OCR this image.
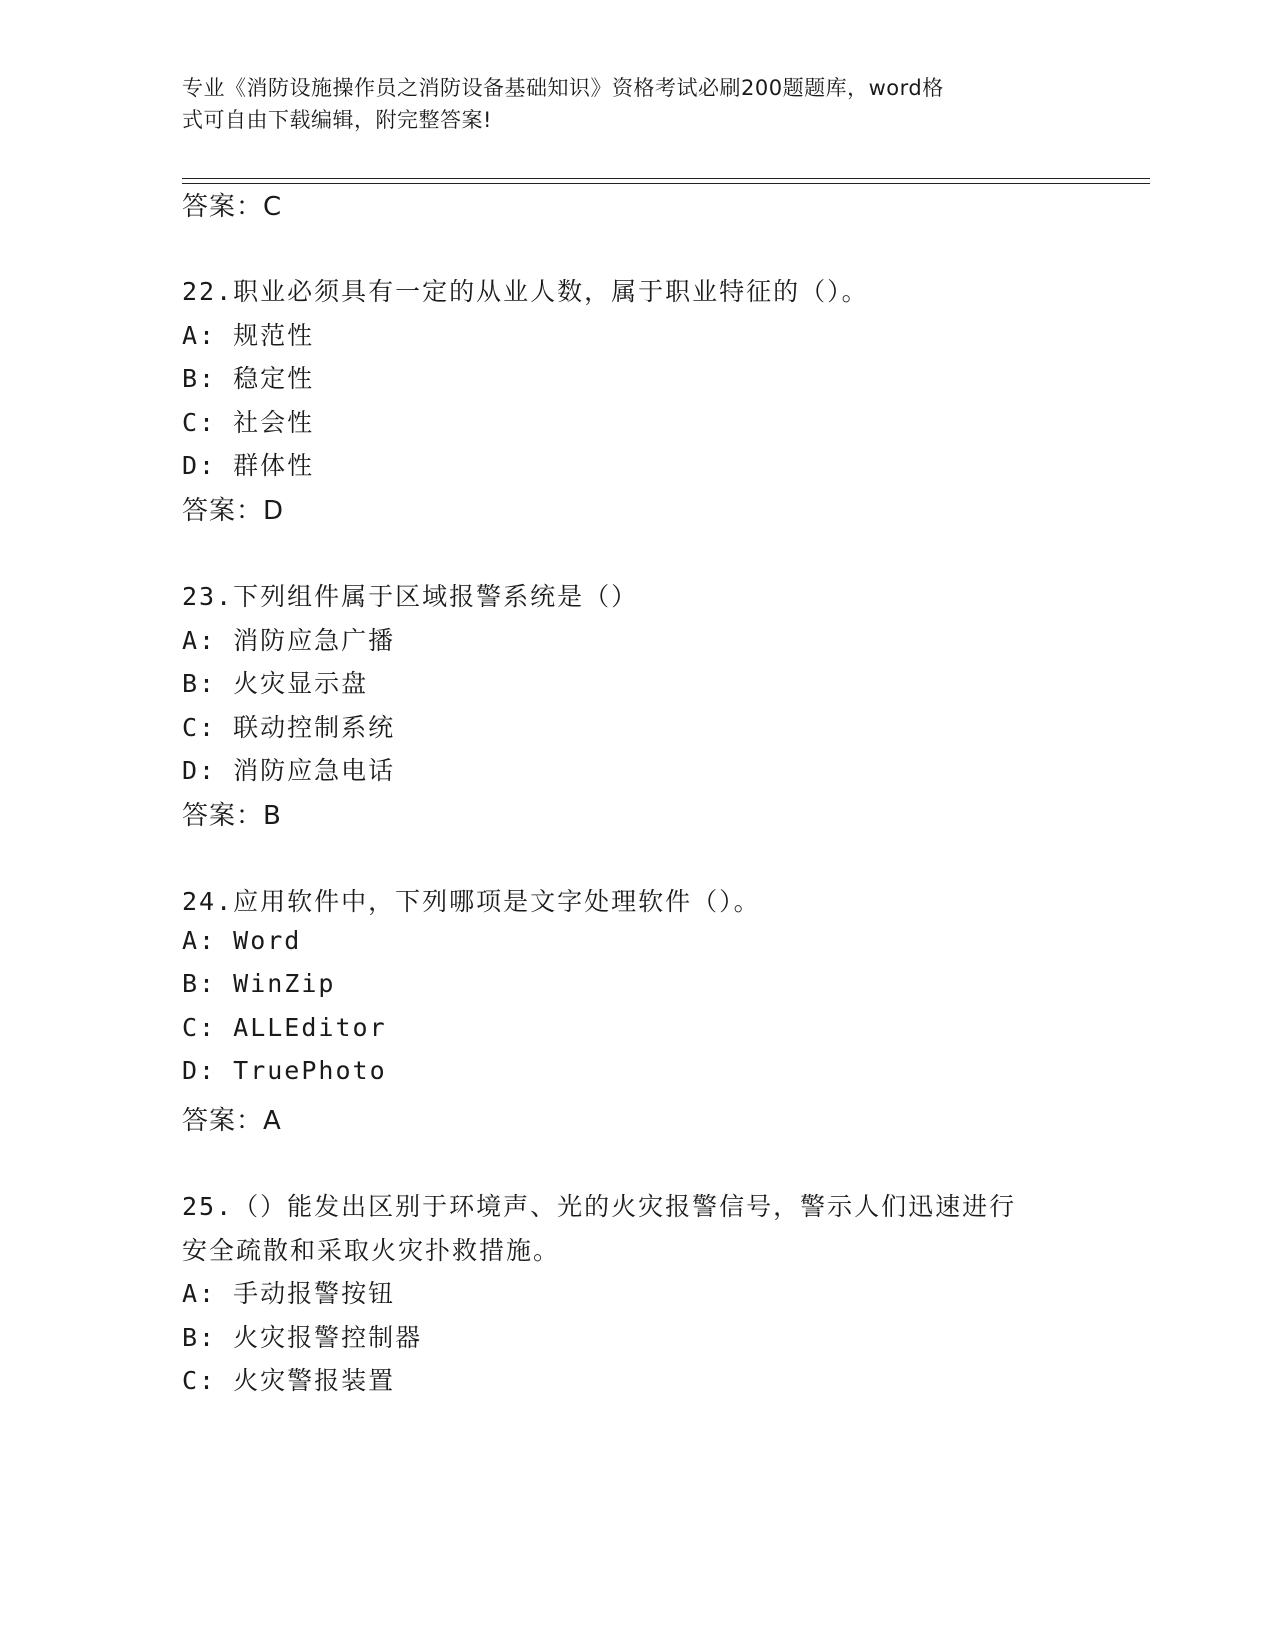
专业《消防设施操作员之消防设备基础知识》资格考试必刷200题题库，word格
式可自由下载编辑，附完整答案!
答案：C
22.职业必须具有一定的从业人数，属于职业特征的（）。
A: 规范性
B: 稳定性
C: 社会性
D: 群体性
答案：D
23.下列组件属于区域报警系统是（）
A: 消防应急广播
B: 火灾显示盘
C: 联动控制系统
D: 消防应急电话
答案：B
24.应用软件中，下列哪项是文字处理软件（）。
A: Word
B: WinZip
C: ALLEditor
D: TruePhoto
答案：A
25.（）能发出区别于环境声、光的火灾报警信号，警示人们迅速进行
安全疏散和采取火灾扑救措施。
A: 手动报警按钮
B: 火灾报警控制器
C: 火灾警报装置
